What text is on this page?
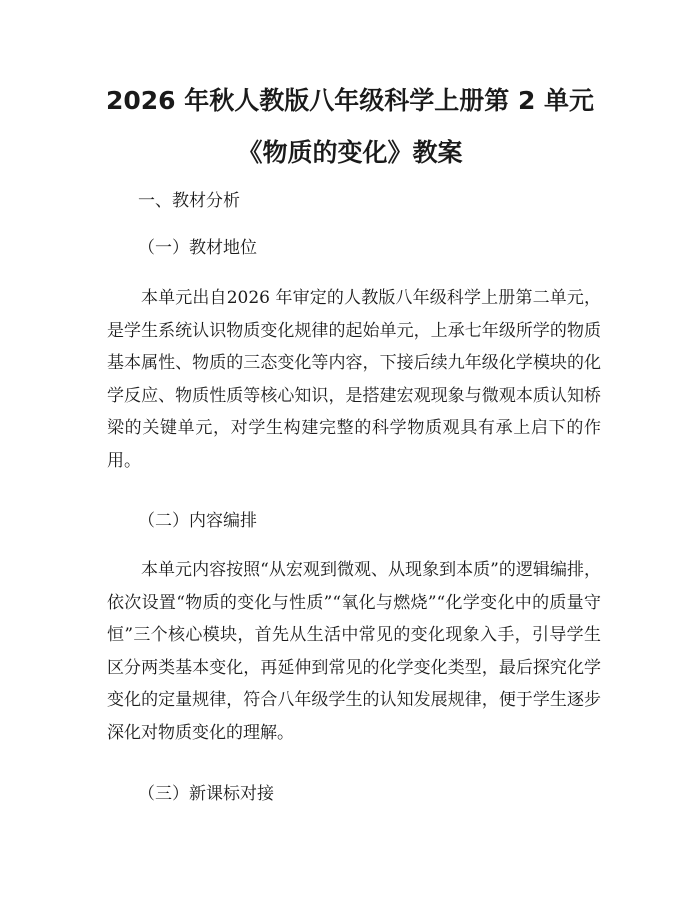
2026 年秋人教版八年级科学上册第 2 单元
《物质的变化》教案

一、教材分析

（一）教材地位

本单元出自2026 年审定的人教版八年级科学上册第二单元，是学生系统认识物质变化规律的起始单元，上承七年级所学的物质基本属性、物质的三态变化等内容，下接后续九年级化学模块的化学反应、物质性质等核心知识，是搭建宏观现象与微观本质认知桥梁的关键单元，对学生构建完整的科学物质观具有承上启下的作用。

（二）内容编排

本单元内容按照“从宏观到微观、从现象到本质”的逻辑编排，依次设置“物质的变化与性质”“氧化与燃烧”“化学变化中的质量守恒”三个核心模块，首先从生活中常见的变化现象入手，引导学生区分两类基本变化，再延伸到常见的化学变化类型，最后探究化学变化的定量规律，符合八年级学生的认知发展规律，便于学生逐步深化对物质变化的理解。

（三）新课标对接
